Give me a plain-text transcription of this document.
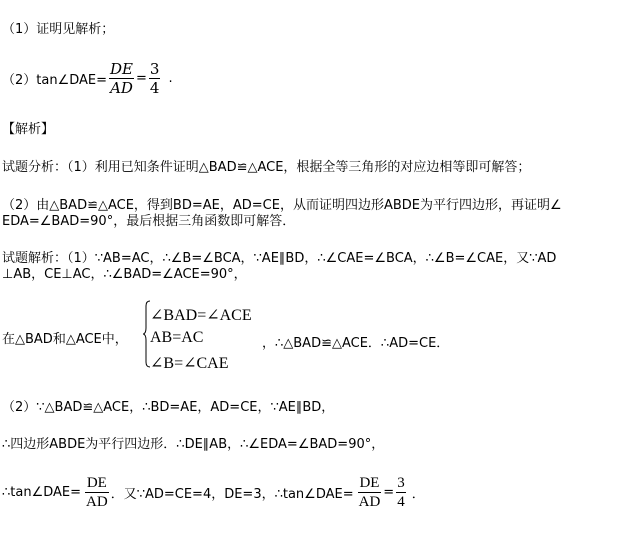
（1）证明见解析；
（2）tan∠DAE= $\frac{DE}{AD} = \frac{3}{4}$ .
【解析】
试题分析：（1）利用已知条件证明△BAD≌△ACE，根据全等三角形的对应边相等即可解答；
（2）由△BAD≌△ACE，得到BD=AE，AD=CE，从而证明四边形ABDE为平行四边形，再证明∠
EDA=∠BAD=90°，最后根据三角函数即可解答．
试题解析：（1）∵AB=AC，∴∠B=∠BCA，∵AE∥BD，∴∠CAE=∠BCA，∴∠B=∠CAE，又∵AD
⊥AB，CE⊥AC，∴∠BAD=∠ACE=90°，
在△BAD和△ACE中，
∠BAD=∠ACE
AB=AC
∠B=∠CAE
，∴△BAD≌△ACE．∴AD=CE．
（2）∵△BAD≌△ACE，∴BD=AE，AD=CE，∵AE∥BD，
∴四边形ABDE为平行四边形．∴DE∥AB，∴∠EDA=∠BAD=90°，
∴tan∠DAE= $\frac{DE}{AD}$ ．又∵AD=CE=4，DE=3，∴tan∠DAE= $\frac{DE}{AD} = \frac{3}{4}$ ．
